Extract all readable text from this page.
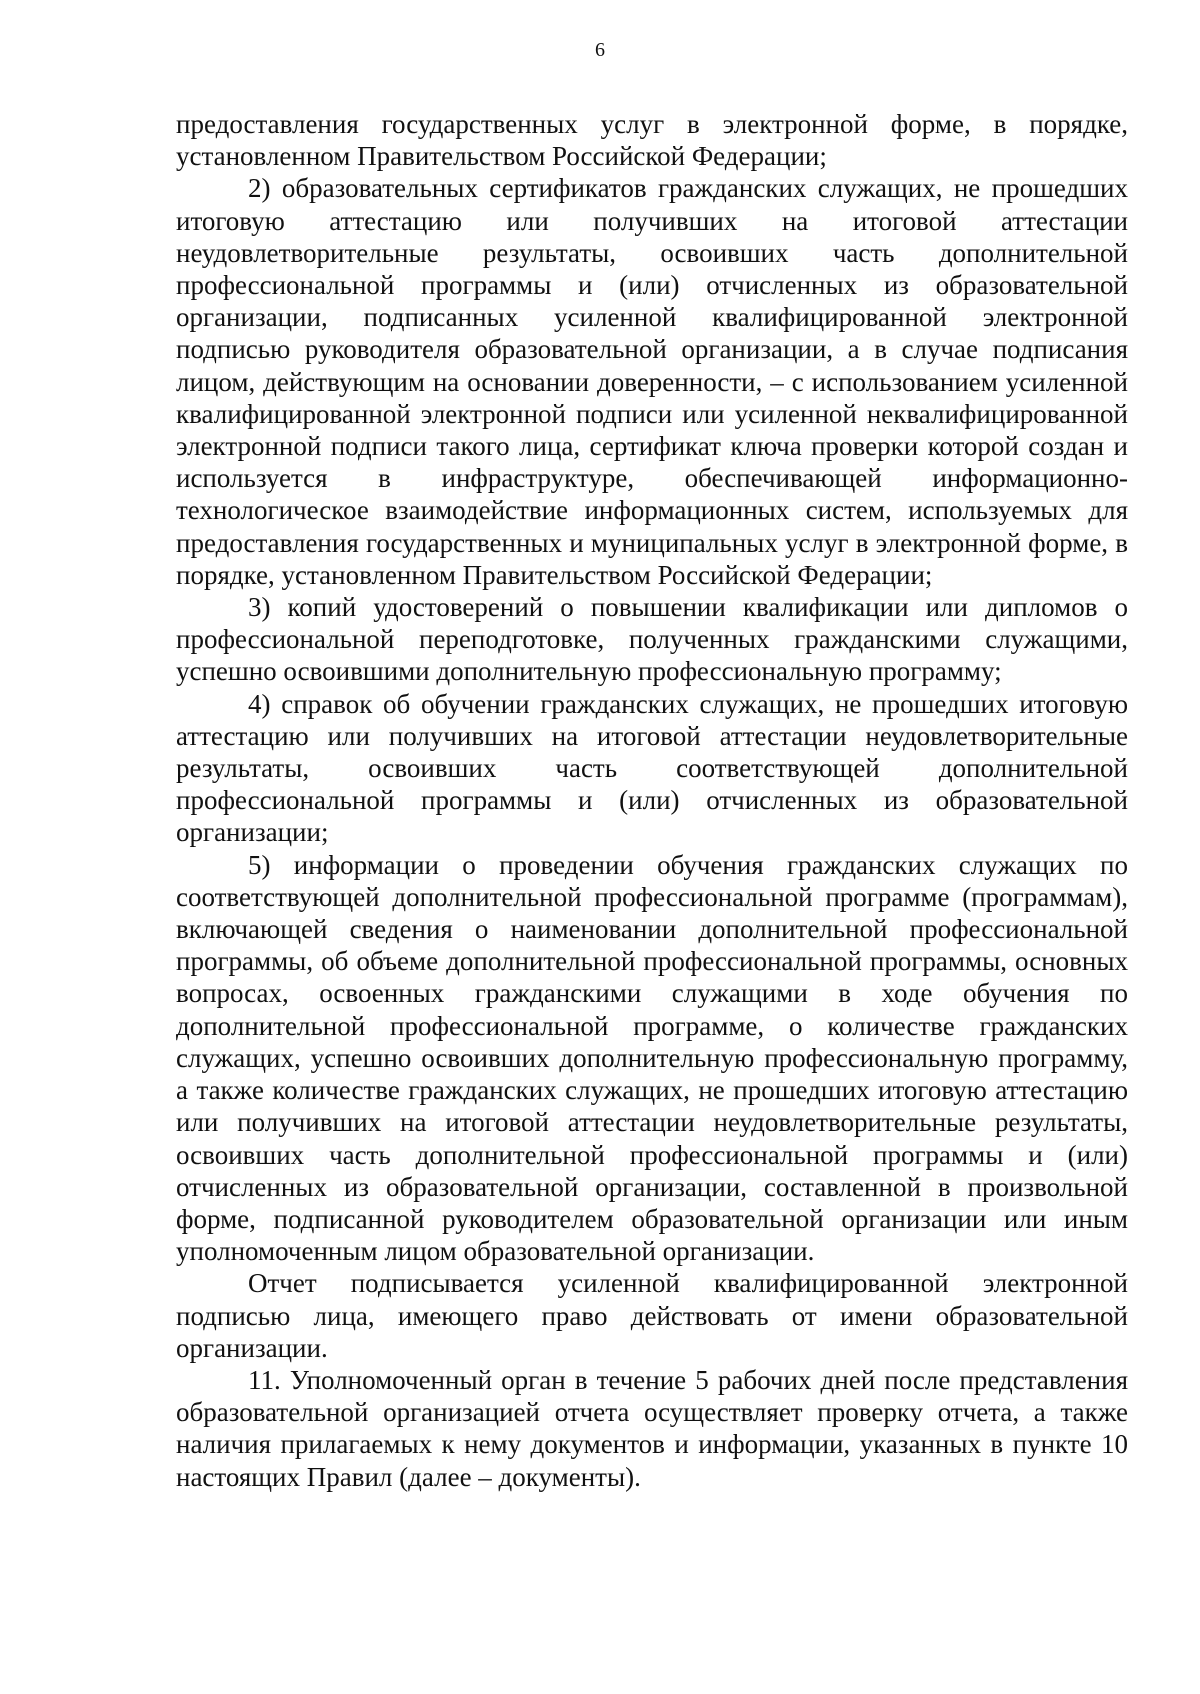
6

предоставления государственных услуг в электронной форме, в порядке, установленном Правительством Российской Федерации;

2) образовательных сертификатов гражданских служащих, не прошедших итоговую аттестацию или получивших на итоговой аттестации неудовлетворительные результаты, освоивших часть дополнительной профессиональной программы и (или) отчисленных из образовательной организации, подписанных усиленной квалифицированной электронной подписью руководителя образовательной организации, а в случае подписания лицом, действующим на основании доверенности, – с использованием усиленной квалифицированной электронной подписи или усиленной неквалифицированной электронной подписи такого лица, сертификат ключа проверки которой создан и используется в инфраструктуре, обеспечивающей информационно-технологическое взаимодействие информационных систем, используемых для предоставления государственных и муниципальных услуг в электронной форме, в порядке, установленном Правительством Российской Федерации;

3) копий удостоверений о повышении квалификации или дипломов о профессиональной переподготовке, полученных гражданскими служащими, успешно освоившими дополнительную профессиональную программу;

4) справок об обучении гражданских служащих, не прошедших итоговую аттестацию или получивших на итоговой аттестации неудовлетворительные результаты, освоивших часть соответствующей дополнительной профессиональной программы и (или) отчисленных из образовательной организации;

5) информации о проведении обучения гражданских служащих по соответствующей дополнительной профессиональной программе (программам), включающей сведения о наименовании дополнительной профессиональной программы, об объеме дополнительной профессиональной программы, основных вопросах, освоенных гражданскими служащими в ходе обучения по дополнительной профессиональной программе, о количестве гражданских служащих, успешно освоивших дополнительную профессиональную программу, а также количестве гражданских служащих, не прошедших итоговую аттестацию или получивших на итоговой аттестации неудовлетворительные результаты, освоивших часть дополнительной профессиональной программы и (или) отчисленных из образовательной организации, составленной в произвольной форме, подписанной руководителем образовательной организации или иным уполномоченным лицом образовательной организации.

Отчет подписывается усиленной квалифицированной электронной подписью лица, имеющего право действовать от имени образовательной организации.

11. Уполномоченный орган в течение 5 рабочих дней после представления образовательной организацией отчета осуществляет проверку отчета, а также наличия прилагаемых к нему документов и информации, указанных в пункте 10 настоящих Правил (далее – документы).
